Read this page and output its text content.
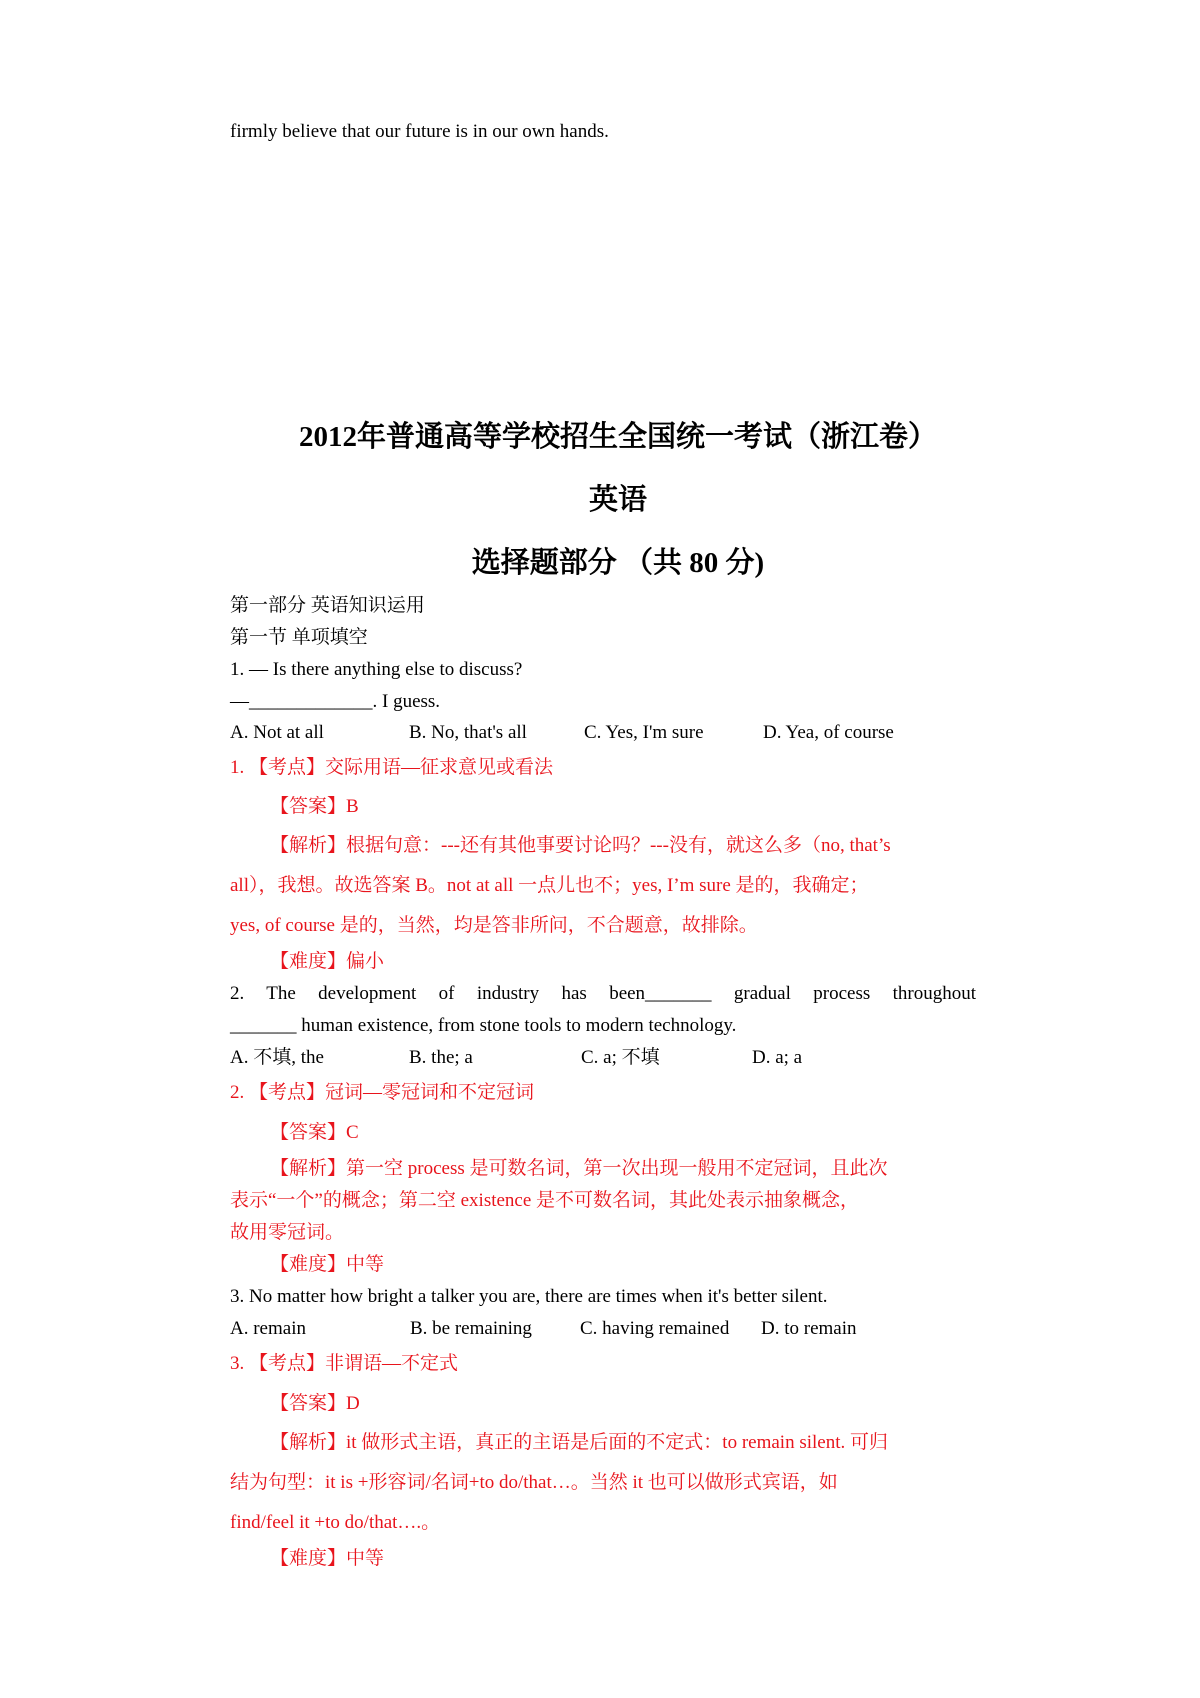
firmly believe that our future is in our own hands.
2012年普通高等学校招生全国统一考试（浙江卷）
英语
选择题部分 （共 80 分)
第一部分 英语知识运用
第一节 单项填空
1. — Is there anything else to discuss?
—_____________. I guess.
A. Not at all	B. No, that's all	C. Yes, I'm sure	D. Yea, of course
1. 【考点】交际用语—征求意见或看法
【答案】B
【解析】根据句意：---还有其他事要讨论吗？---没有，就这么多（no, that’s
all），我想。故选答案 B。not at all 一点儿也不；yes, I’m sure 是的，我确定；
yes, of course 是的，当然，均是答非所问，不合题意，故排除。
【难度】偏小
2. The development of industry has been_______ gradual process throughout
_______ human existence, from stone tools to modern technology.
A. 不填, the	B. the; a	C. a; 不填	D. a; a
2. 【考点】冠词—零冠词和不定冠词
【答案】C
【解析】第一空 process 是可数名词，第一次出现一般用不定冠词，且此次
表示“一个”的概念；第二空 existence 是不可数名词，其此处表示抽象概念，
故用零冠词。
【难度】中等
3. No matter how bright a talker you are, there are times when it's better silent.
A. remain	B. be remaining	C. having remained D. to remain
3. 【考点】非谓语—不定式
【答案】D
【解析】it 做形式主语，真正的主语是后面的不定式：to remain silent. 可归
结为句型：it is +形容词/名词+to do/that…。当然 it 也可以做形式宾语，如
find/feel it +to do/that….。
【难度】中等
